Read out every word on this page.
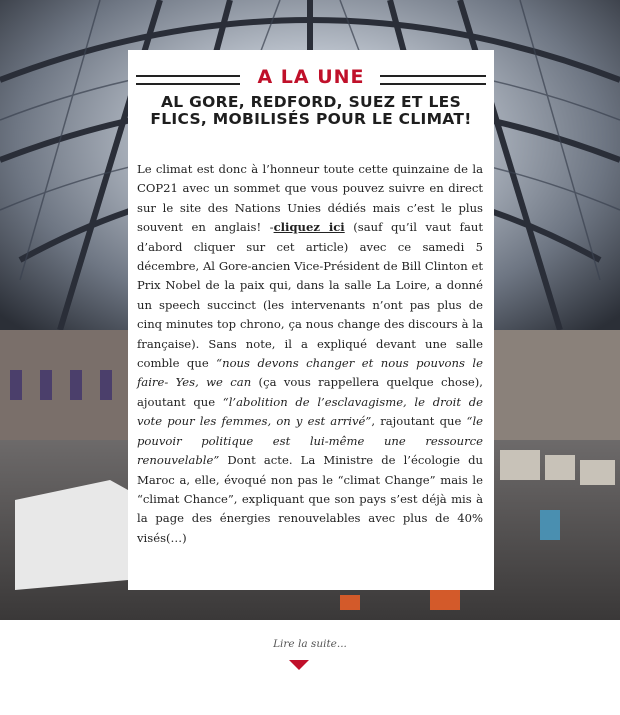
A LA UNE
AL GORE, REDFORD, SUEZ ET LES FLICS, MOBILISÉS POUR LE CLIMAT!
Le climat est donc à l’honneur toute cette quinzaine de la COP21 avec un sommet que vous pouvez suivre en direct sur le site des Nations Unies dédiés mais c’est le plus souvent en anglais! -cliquez ici (sauf qu’il vaut faut d’abord cliquer sur cet article) avec ce samedi 5 décembre, Al Gore-ancien Vice-Président de Bill Clinton et Prix Nobel de la paix qui, dans la salle La Loire, a donné un speech succinct (les intervenants n’ont pas plus de cinq minutes top chrono, ça nous change des discours à la française). Sans note, il a expliqué devant une salle comble que “nous devons changer et nous pouvons le faire- Yes, we can (ça vous rappellera quelque chose), ajoutant que “l’abolition de l’esclavagisme, le droit de vote pour les femmes, on y est arrivé”, rajoutant que “le pouvoir politique est lui-même une ressource renouvelable” Dont acte. La Ministre de l’écologie du Maroc a, elle, évoqué non pas le “climat Change” mais le “climat Chance”, expliquant que son pays s’est déjà mis à la page des énergies renouvelables avec plus de 40% visés(…)
Lire la suite...
